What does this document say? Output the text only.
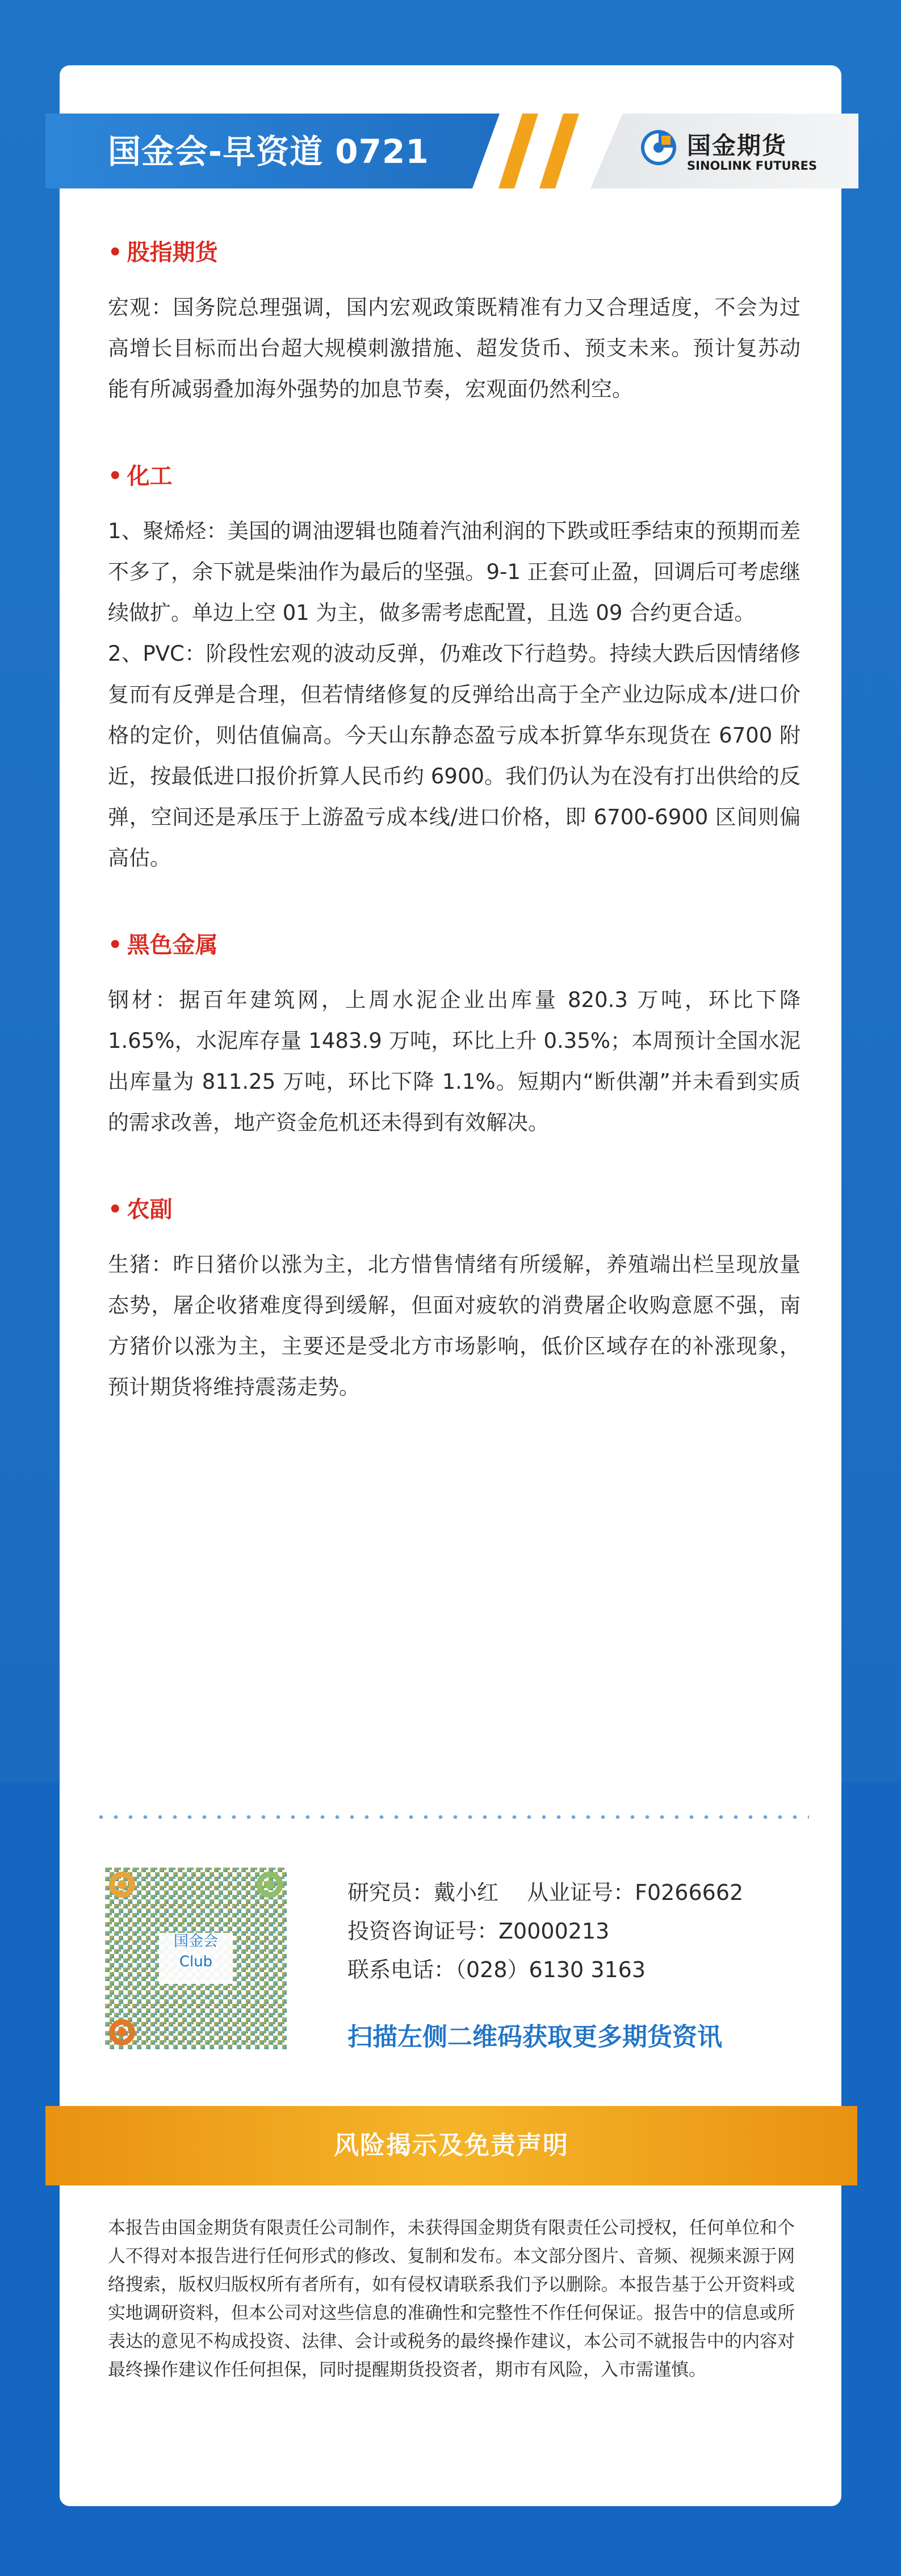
国金会-早资道 0721	国金期货
SINOLINK FUTURES
• 股指期货

宏观：国务院总理强调，国内宏观政策既精准有力又合理适度，不会为过高增长目标而出台超大规模刺激措施、超发货币、预支未来。预计复苏动能有所减弱叠加海外强势的加息节奏，宏观面仍然利空。

• 化工

1、聚烯烃：美国的调油逻辑也随着汽油利润的下跌或旺季结束的预期而差不多了，余下就是柴油作为最后的坚强。9-1 正套可止盈，回调后可考虑继续做扩。单边上空 01 为主，做多需考虑配置，且选 09 合约更合适。

2、PVC：阶段性宏观的波动反弹，仍难改下行趋势。持续大跌后因情绪修复而有反弹是合理，但若情绪修复的反弹给出高于全产业边际成本/进口价格的定价，则估值偏高。今天山东静态盈亏成本折算华东现货在 6700 附近，按最低进口报价折算人民币约 6900。我们仍认为在没有打出供给的反弹，空间还是承压于上游盈亏成本线/进口价格，即 6700-6900 区间则偏高估。

• 黑色金属

钢材：据百年建筑网，上周水泥企业出库量 820.3 万吨，环比下降 1.65%，水泥库存量 1483.9 万吨，环比上升 0.35%；本周预计全国水泥出库量为 811.25 万吨，环比下降 1.1%。短期内“断供潮”并未看到实质的需求改善，地产资金危机还未得到有效解决。

• 农副

生猪：昨日猪价以涨为主，北方惜售情绪有所缓解，养殖端出栏呈现放量态势，屠企收猪难度得到缓解，但面对疲软的消费屠企收购意愿不强，南方猪价以涨为主，主要还是受北方市场影响，低价区域存在的补涨现象，预计期货将维持震荡走势。

国金会
Club
研究员：戴小红　 从业证号：F0266662
投资咨询证号：Z0000213
联系电话：（028）6130 3163
扫描左侧二维码获取更多期货资讯
风险揭示及免责声明

本报告由国金期货有限责任公司制作，未获得国金期货有限责任公司授权，任何单位和个人不得对本报告进行任何形式的修改、复制和发布。本文部分图片、音频、视频来源于网络搜索，版权归版权所有者所有，如有侵权请联系我们予以删除。本报告基于公开资料或实地调研资料，但本公司对这些信息的准确性和完整性不作任何保证。报告中的信息或所表达的意见不构成投资、法律、会计或税务的最终操作建议，本公司不就报告中的内容对最终操作建议作任何担保，同时提醒期货投资者，期市有风险，入市需谨慎。
